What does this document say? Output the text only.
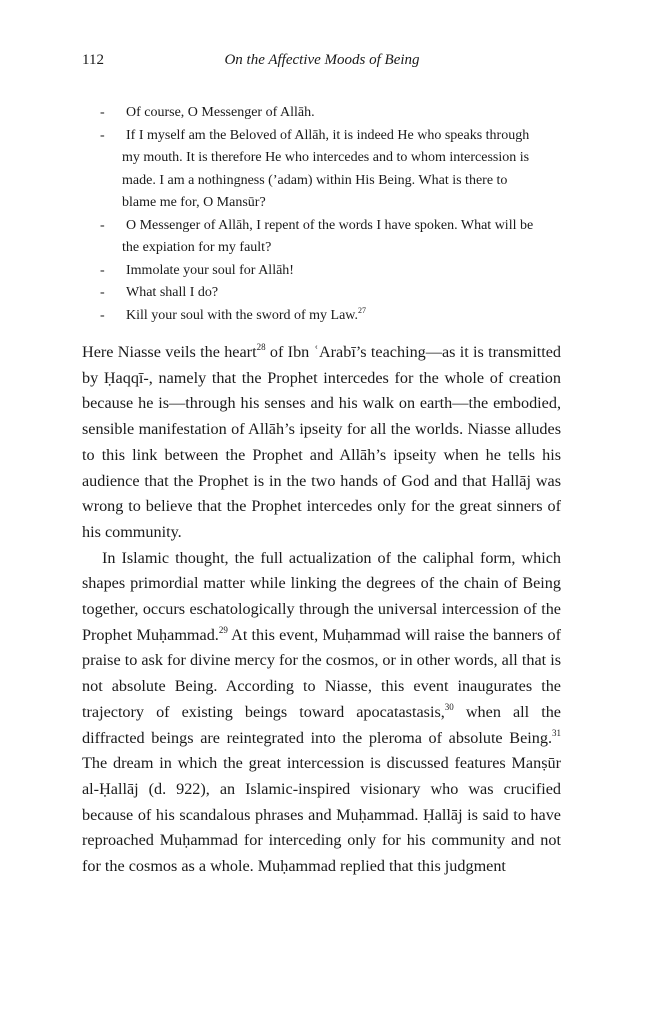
112	On the Affective Moods of Being
- Of course, O Messenger of Allāh.
- If I myself am the Beloved of Allāh, it is indeed He who speaks through my mouth. It is therefore He who intercedes and to whom intercession is made. I am a nothingness (’adam) within His Being. What is there to blame me for, O Mansūr?
- O Messenger of Allāh, I repent of the words I have spoken. What will be the expiation for my fault?
- Immolate your soul for Allāh!
- What shall I do?
- Kill your soul with the sword of my Law.$^{27}$

Here Niasse veils the heart$^{28}$ of Ibn ʿArabī’s teaching—as it is transmitted by Ḥaqqī-, namely that the Prophet intercedes for the whole of creation because he is—through his senses and his walk on earth—the embodied, sensible manifestation of Allāh’s ipseity for all the worlds. Niasse alludes to this link between the Prophet and Allāh’s ipseity when he tells his audience that the Prophet is in the two hands of God and that Hallāj was wrong to believe that the Prophet intercedes only for the great sinners of his community.

In Islamic thought, the full actualization of the caliphal form, which shapes primordial matter while linking the degrees of the chain of Being together, occurs eschatologically through the universal intercession of the Prophet Muḥammad.$^{29}$ At this event, Muḥammad will raise the banners of praise to ask for divine mercy for the cosmos, or in other words, all that is not absolute Being. According to Niasse, this event inaugurates the trajectory of existing beings toward apocatastasis,$^{30}$ when all the diffracted beings are reintegrated into the pleroma of absolute Being.$^{31}$ The dream in which the great intercession is discussed features Manṣūr al-Ḥallāj (d. 922), an Islamic-inspired visionary who was crucified because of his scandalous phrases and Muḥammad. Ḥallāj is said to have reproached Muḥammad for interceding only for his community and not for the cosmos as a whole. Muḥammad replied that this judgment
